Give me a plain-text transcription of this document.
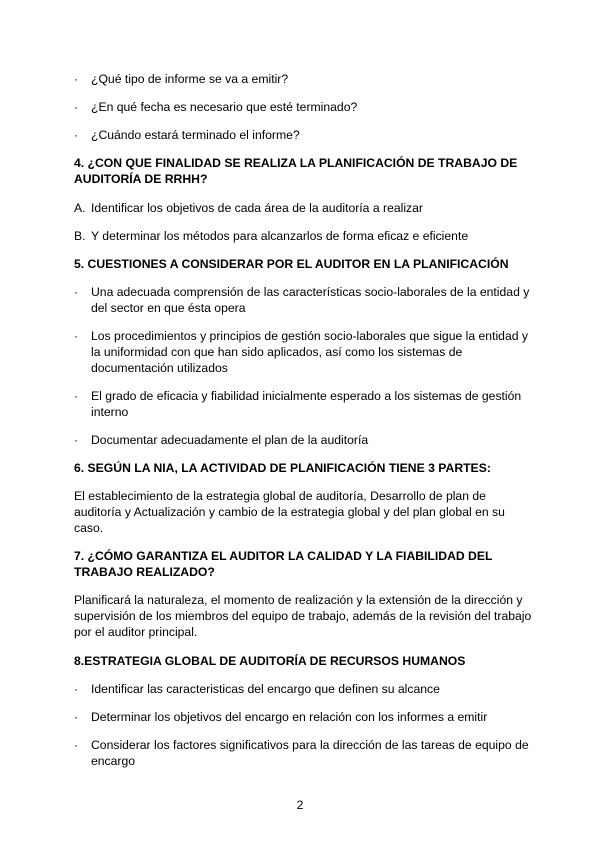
·	¿Qué tipo de informe se va a emitir?
·	¿En qué fecha es necesario que esté terminado?
·	¿Cuándo estará terminado el informe?
4. ¿CON QUE FINALIDAD SE REALIZA LA PLANIFICACIÓN DE TRABAJO DE AUDITORÍA DE RRHH?
A. Identificar los objetivos de cada área de la auditoría a realizar
B. Y determinar los métodos para alcanzarlos de forma eficaz e eficiente
5. CUESTIONES A CONSIDERAR POR EL AUDITOR EN LA PLANIFICACIÓN
·	Una adecuada comprensión de las características socio-laborales de la entidad y del sector en que ésta opera
·	Los procedimientos y principios de gestión socio-laborales que sigue la entidad y la uniformidad con que han sido aplicados, así como los sistemas de documentación utilizados
·	El grado de eficacia y fiabilidad inicialmente esperado a los sistemas de gestión interno
·	Documentar adecuadamente el plan de la auditoría
6. SEGÚN LA NIA, LA ACTIVIDAD DE PLANIFICACIÓN TIENE 3 PARTES:
El establecimiento de la estrategia global de auditoría, Desarrollo de plan de auditoría y Actualización y cambio de la estrategia global y del plan global en su caso.
7. ¿CÓMO GARANTIZA EL AUDITOR LA CALIDAD Y LA FIABILIDAD DEL TRABAJO REALIZADO?
Planificará la naturaleza, el momento de realización y la extensión de la dirección y supervisión de los miembros del equipo de trabajo, además de la revisión del trabajo por el auditor principal.
8.ESTRATEGIA GLOBAL DE AUDITORÍA DE RECURSOS HUMANOS
·	Identificar las caracteristicas del encargo que definen su alcance
·	Determinar los objetivos del encargo en relación con los informes a emitir
·	Considerar los factores significativos para la dirección de las tareas de equipo de encargo
2
